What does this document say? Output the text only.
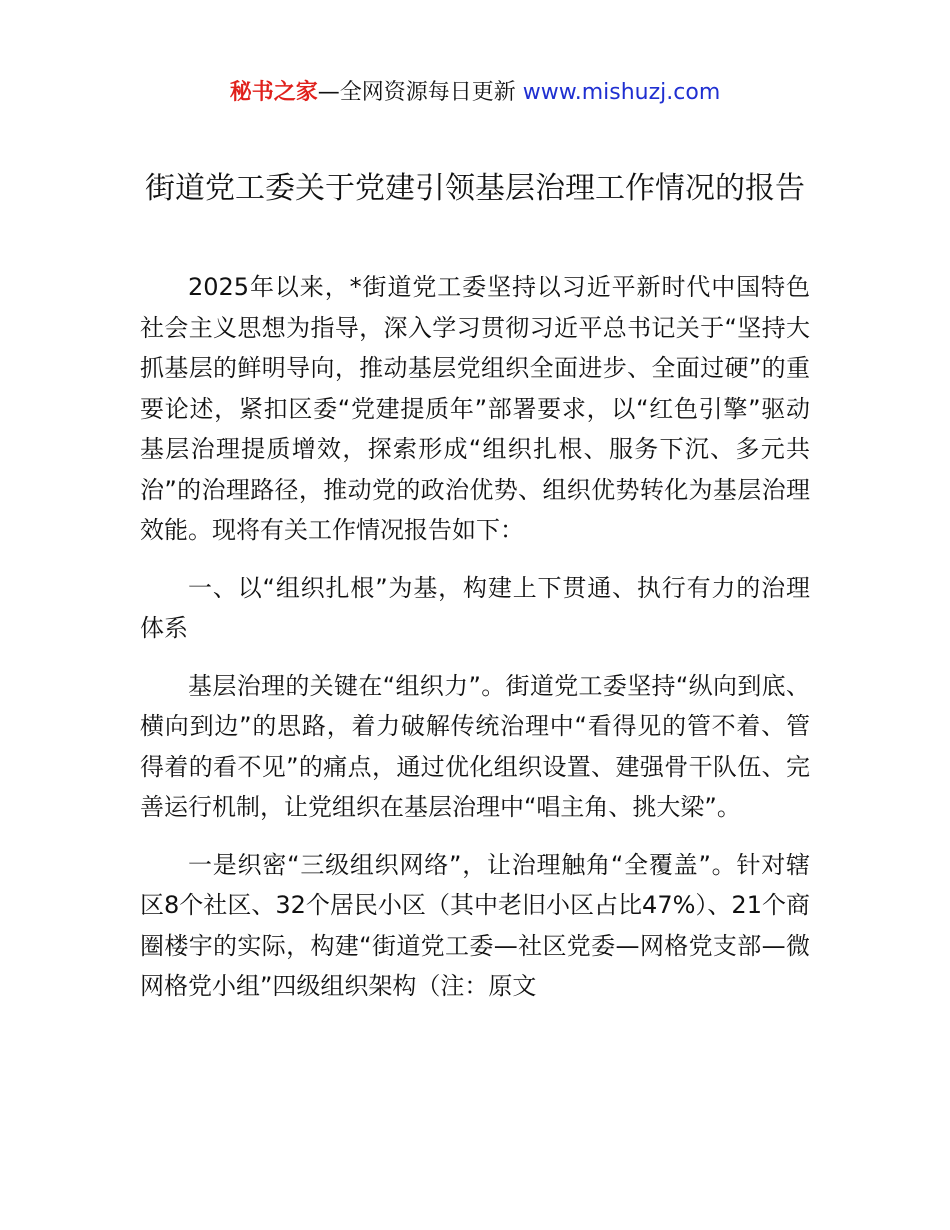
秘书之家—全网资源每日更新 www.mishuzj.com
街道党工委关于党建引领基层治理工作情况的报告

2025年以来，*街道党工委坚持以习近平新时代中国特色社会主义思想为指导，深入学习贯彻习近平总书记关于“坚持大抓基层的鲜明导向，推动基层党组织全面进步、全面过硬”的重要论述，紧扣区委“党建提质年”部署要求，以“红色引擎”驱动基层治理提质增效，探索形成“组织扎根、服务下沉、多元共治”的治理路径，推动党的政治优势、组织优势转化为基层治理效能。现将有关工作情况报告如下：

一、以“组织扎根”为基，构建上下贯通、执行有力的治理体系

基层治理的关键在“组织力”。街道党工委坚持“纵向到底、横向到边”的思路，着力破解传统治理中“看得见的管不着、管得着的看不见”的痛点，通过优化组织设置、建强骨干队伍、完善运行机制，让党组织在基层治理中“唱主角、挑大梁”。

一是织密“三级组织网络”，让治理触角“全覆盖”。针对辖区8个社区、32个居民小区（其中老旧小区占比47%）、21个商圈楼宇的实际，构建“街道党工委—社区党委—网格党支部—微网格党小组”四级组织架构（注：原文
